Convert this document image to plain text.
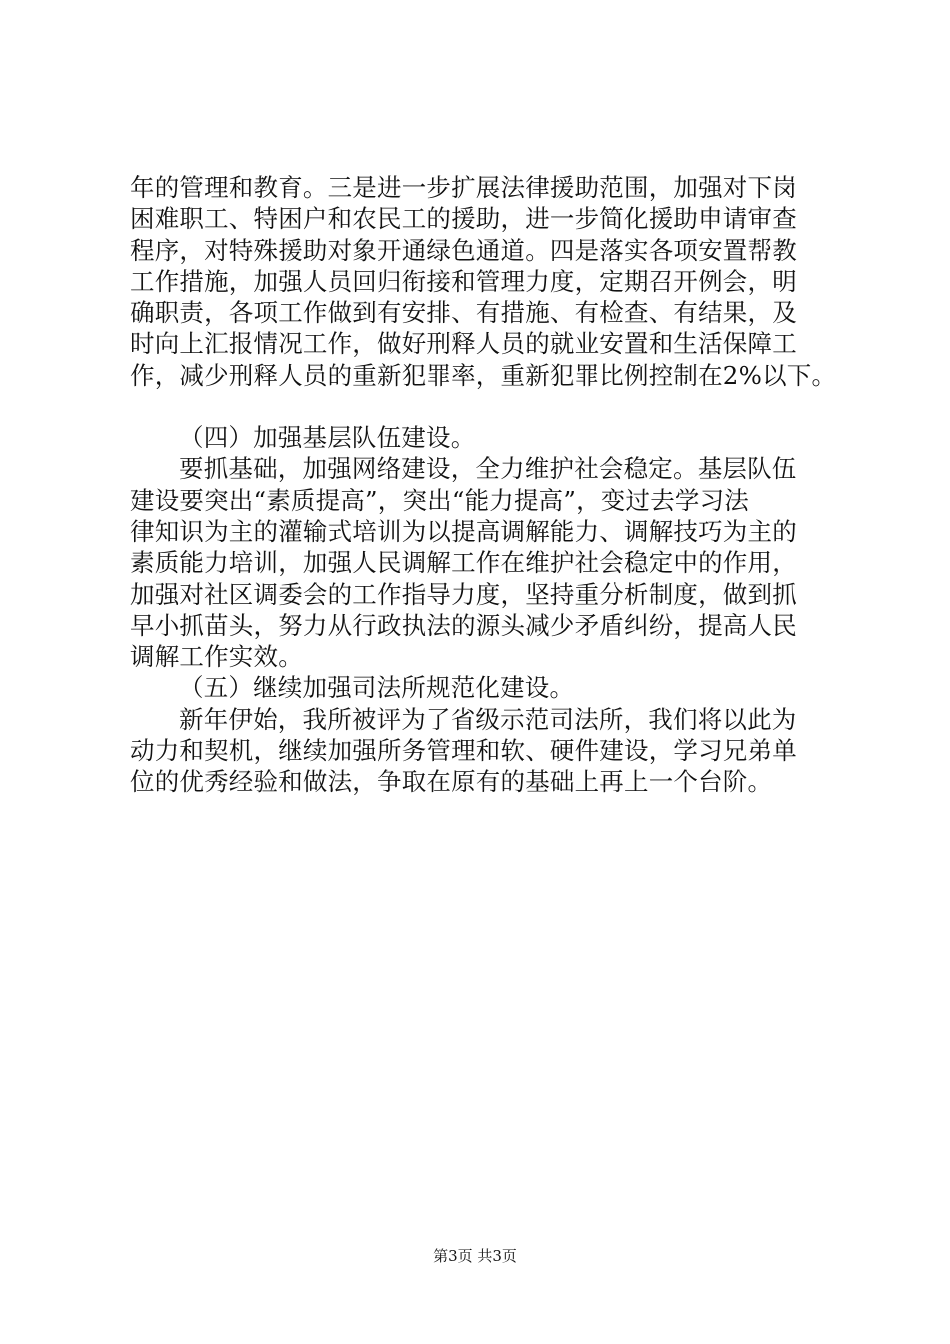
年的管理和教育。三是进一步扩展法律援助范围，加强对下岗
困难职工、特困户和农民工的援助，进一步简化援助申请审查
程序，对特殊援助对象开通绿色通道。四是落实各项安置帮教
工作措施，加强人员回归衔接和管理力度，定期召开例会，明
确职责，各项工作做到有安排、有措施、有检查、有结果，及
时向上汇报情况工作，做好刑释人员的就业安置和生活保障工
作，减少刑释人员的重新犯罪率，重新犯罪比例控制在2%以下。
（四）加强基层队伍建设。
要抓基础，加强网络建设，全力维护社会稳定。基层队伍
建设要突出“素质提高”，突出“能力提高”，变过去学习法
律知识为主的灌输式培训为以提高调解能力、调解技巧为主的
素质能力培训，加强人民调解工作在维护社会稳定中的作用，
加强对社区调委会的工作指导力度，坚持重分析制度，做到抓
早小抓苗头，努力从行政执法的源头减少矛盾纠纷，提高人民
调解工作实效。
（五）继续加强司法所规范化建设。
新年伊始，我所被评为了省级示范司法所，我们将以此为
动力和契机，继续加强所务管理和软、硬件建设，学习兄弟单
位的优秀经验和做法，争取在原有的基础上再上一个台阶。
第3页 共3页
